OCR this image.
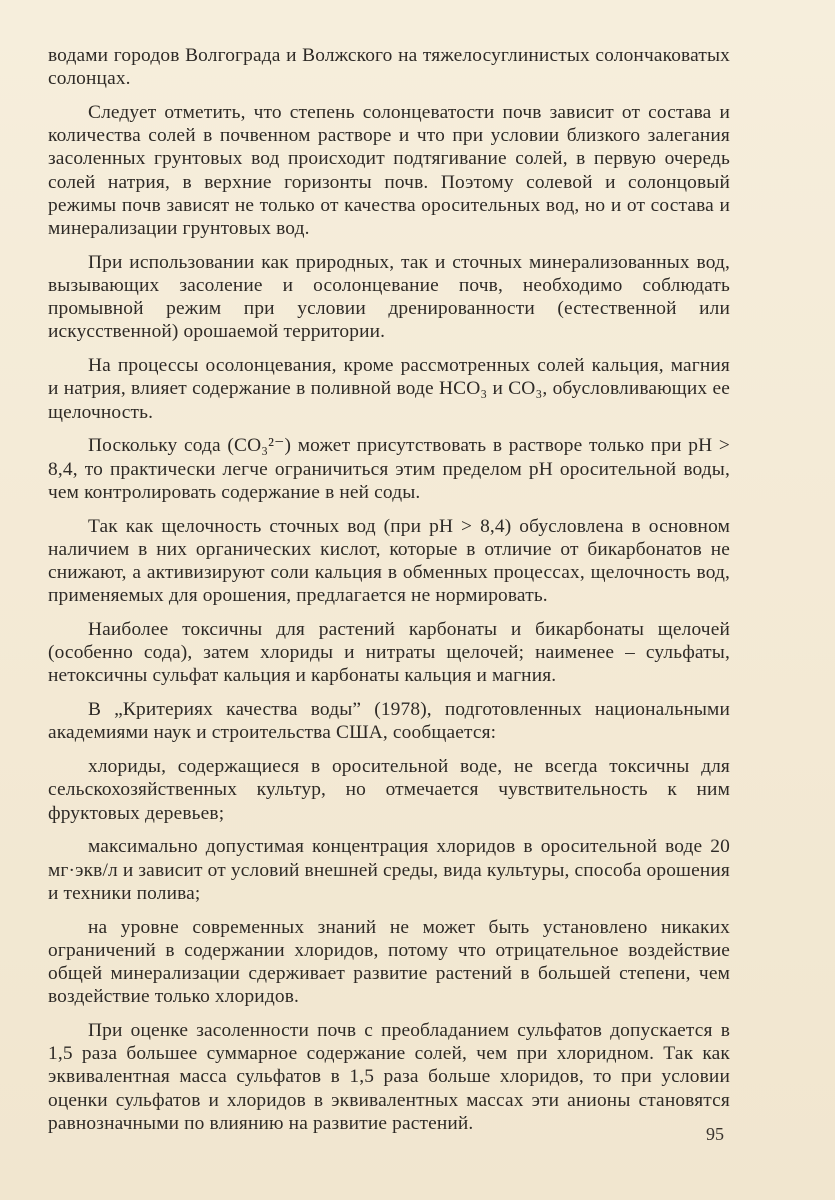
водами городов Волгограда и Волжского на тяжелосуглинистых солончаковатых солонцах.

Следует отметить, что степень солонцеватости почв зависит от состава и количества солей в почвенном растворе и что при условии близкого залегания засоленных грунтовых вод происходит подтягивание солей, в первую очередь солей натрия, в верхние горизонты почв. Поэтому солевой и солонцовый режимы почв зависят не только от качества оросительных вод, но и от состава и минерализации грунтовых вод.

При использовании как природных, так и сточных минерализованных вод, вызывающих засоление и осолонцевание почв, необходимо соблюдать промывной режим при условии дренированности (естественной или искусственной) орошаемой территории.

На процессы осолонцевания, кроме рассмотренных солей кальция, магния и натрия, влияет содержание в поливной воде HCO₃ и CO₃, обусловливающих ее щелочность.

Поскольку сода (CO₃²⁻) может присутствовать в растворе только при pH > 8,4, то практически легче ограничиться этим пределом pH оросительной воды, чем контролировать содержание в ней соды.

Так как щелочность сточных вод (при pH > 8,4) обусловлена в основном наличием в них органических кислот, которые в отличие от бикарбонатов не снижают, а активизируют соли кальция в обменных процессах, щелочность вод, применяемых для орошения, предлагается не нормировать.

Наиболее токсичны для растений карбонаты и бикарбонаты щелочей (особенно сода), затем хлориды и нитраты щелочей; наименее – сульфаты, нетоксичны сульфат кальция и карбонаты кальция и магния.

В „Критериях качества воды” (1978), подготовленных национальными академиями наук и строительства США, сообщается:

хлориды, содержащиеся в оросительной воде, не всегда токсичны для сельскохозяйственных культур, но отмечается чувствительность к ним фруктовых деревьев;

максимально допустимая концентрация хлоридов в оросительной воде 20 мг·экв/л и зависит от условий внешней среды, вида культуры, способа орошения и техники полива;

на уровне современных знаний не может быть установлено никаких ограничений в содержании хлоридов, потому что отрицательное воздействие общей минерализации сдерживает развитие растений в большей степени, чем воздействие только хлоридов.

При оценке засоленности почв с преобладанием сульфатов допускается в 1,5 раза большее суммарное содержание солей, чем при хлоридном. Так как эквивалентная масса сульфатов в 1,5 раза больше хлоридов, то при условии оценки сульфатов и хлоридов в эквивалентных массах эти анионы становятся равнозначными по влиянию на развитие растений.

95
